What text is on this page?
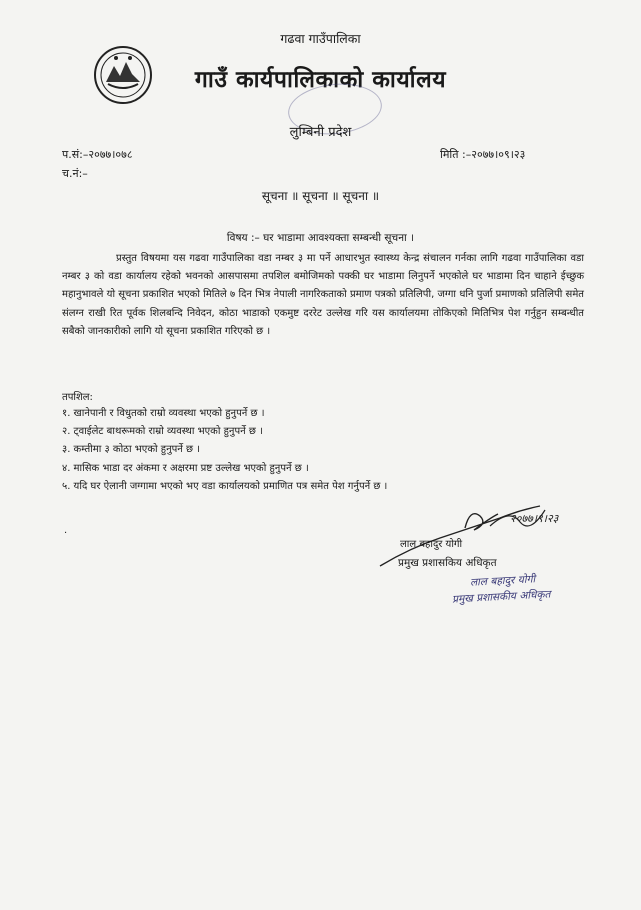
गढवा गाउँपालिका
गाउँ कार्यपालिकाको कार्यालय
लुम्बिनी प्रदेश
प.सं:–२०७७।०७८
च.नं:–
मिति :–२०७७।०९।२३
सूचना ॥ सूचना ॥ सूचना ॥
विषय :– घर भाडामा आवश्यक्ता सम्बन्धी सूचना ।
प्रस्तुत विषयमा यस गढवा गाउँपालिका वडा नम्बर ३ मा पर्ने आधारभुत स्वास्थ्य केन्द्र संचालन गर्नका लागि गढवा गाउँपालिका वडा नम्बर ३ को वडा कार्यालय रहेको भवनको आसपासमा तपशिल बमोजिमको पक्की घर भाडामा लिनुपर्ने भएकोले घर भाडामा दिन चाहाने ईच्छुक महानुभावले यो सूचना प्रकाशित भएको मितिले ७ दिन भित्र नेपाली नागरिकताको प्रमाण पत्रको प्रतिलिपी, जग्गा धनि पुर्जा प्रमाणको प्रतिलिपी समेत संलग्न राखी रित पूर्वक शिलबन्दि निवेदन, कोठा भाडाको एकमुष्ट दररेट उल्लेख गरि यस कार्यालयमा तोकिएको मितिभित्र पेश गर्नुहुन सम्बन्धीत सबैको जानकारीको लागि यो सूचना प्रकाशित गरिएको छ ।
तपशिल:
१. खानेपानी र विधुतको राम्रो व्यवस्था भएको हुनुपर्ने छ ।
२. ट्वाईलेट बाथरूमको राम्रो व्यवस्था भएको हुनुपर्ने छ ।
३. कम्तीमा ३ कोठा भएको हुनुपर्ने छ ।
४. मासिक भाडा दर अंकमा र अक्षरमा प्रष्ट उल्लेख भएको हुनुपर्ने छ ।
५. यदि घर ऐलानी जग्गामा भएको भए वडा कार्यालयको प्रमाणित पत्र समेत पेश गर्नुपर्ने छ ।
.
२०७७।९।२३
लाल बहादुर योगी
प्रमुख प्रशासकिय अधिकृत
लाल बहादुर योगी
प्रमुख प्रशासकीय अधिकृत
